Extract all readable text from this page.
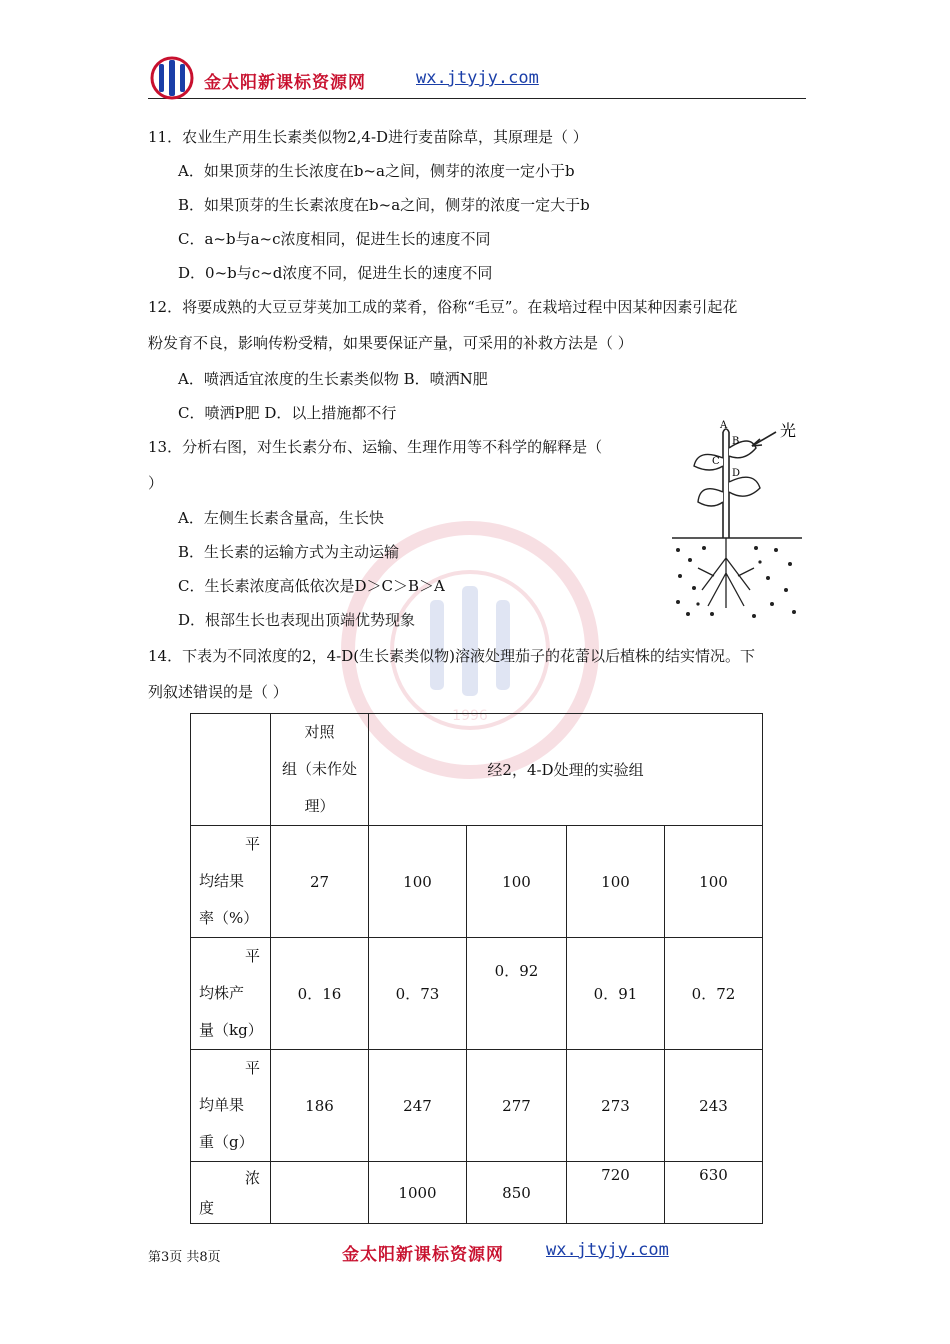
金太阳新课标资源网	wx.jtyjy.com
1996
11．农业生产用生长素类似物2,4-D进行麦苗除草，其原理是（ ）
A．如果顶芽的生长浓度在b~a之间，侧芽的浓度一定小于b
B．如果顶芽的生长素浓度在b~a之间，侧芽的浓度一定大于b
C．a~b与a~c浓度相同，促进生长的速度不同
D．0~b与c~d浓度不同，促进生长的速度不同
12．将要成熟的大豆豆芽荚加工成的菜肴，俗称“毛豆”。在栽培过程中因某种因素引起花
粉发育不良，影响传粉受精，如果要保证产量，可采用的补救方法是（ ）
A．喷洒适宜浓度的生长素类似物 B．喷洒N肥
C．喷洒P肥 D．以上措施都不行
13．分析右图，对生长素分布、运输、生理作用等不科学的解释是（
）
A．左侧生长素含量高，生长快
B．生长素的运输方式为主动运输
C．生长素浓度高低依次是D＞C＞B＞A
D．根部生长也表现出顶端优势现象
光
A
B
C
D
14．下表为不同浓度的2，4-D(生长素类似物)溶液处理茄子的花蕾以后植株的结实情况。下
列叙述错误的是（ ）

	对照
组（未作处
理）	经2，4-D处理的实验组			

平
均结果
率（%）	27	100	100	100	100

平
均株产
量（kg）	0．16	0．73	0．92	0．91	0．72

平
均单果
重（g）	186	247	277	273	243

浓
度		1000	850	720	630
第3页 共8页	金太阳新课标资源网 wx.jtyjy.com
